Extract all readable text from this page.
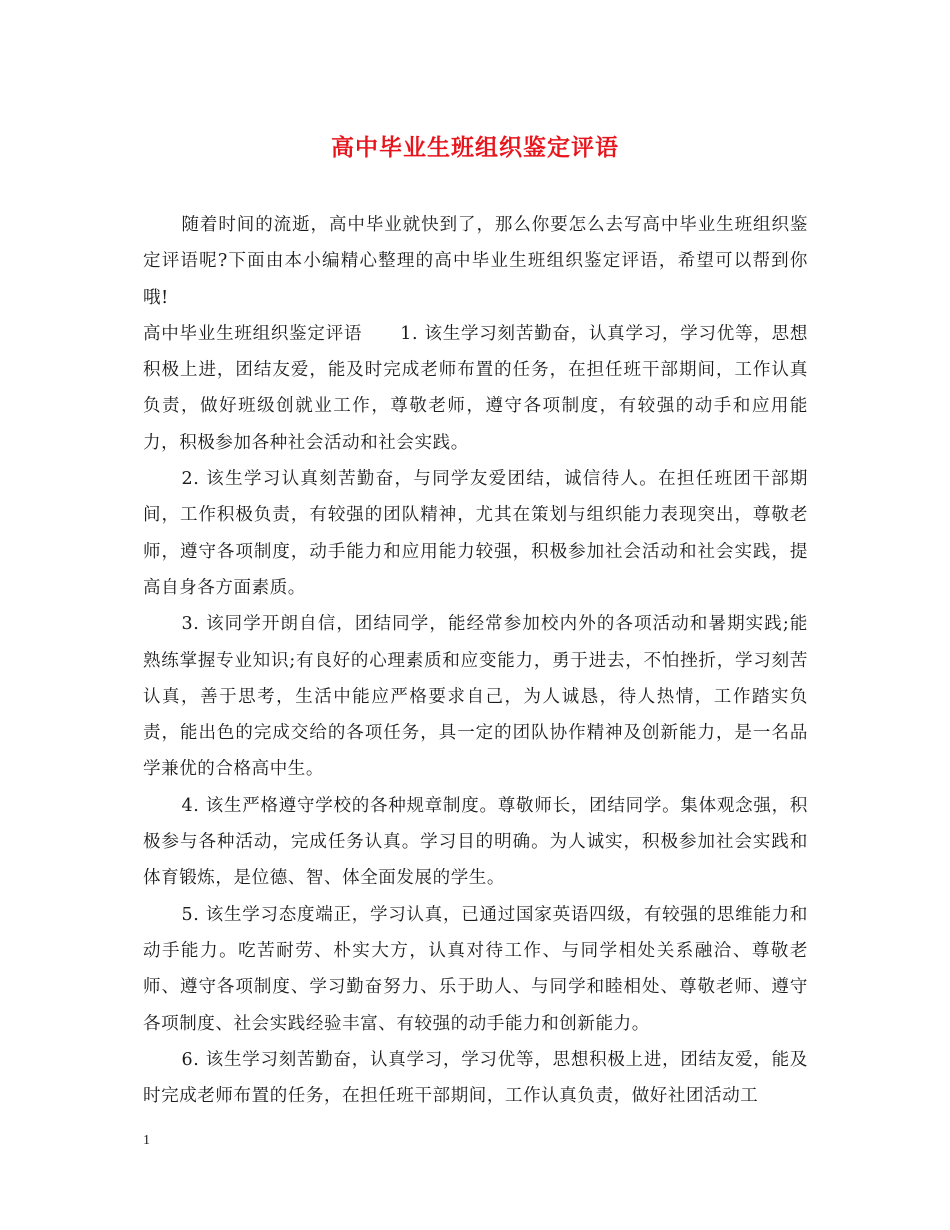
高中毕业生班组织鉴定评语

随着时间的流逝，高中毕业就快到了，那么你要怎么去写高中毕业生班组织鉴定评语呢?下面由本小编精心整理的高中毕业生班组织鉴定评语，希望可以帮到你哦!

高中毕业生班组织鉴定评语 1. 该生学习刻苦勤奋，认真学习，学习优等，思想积极上进，团结友爱，能及时完成老师布置的任务，在担任班干部期间，工作认真负责，做好班级创就业工作，尊敬老师，遵守各项制度，有较强的动手和应用能力，积极参加各种社会活动和社会实践。

2. 该生学习认真刻苦勤奋，与同学友爱团结，诚信待人。在担任班团干部期间，工作积极负责，有较强的团队精神，尤其在策划与组织能力表现突出，尊敬老师，遵守各项制度，动手能力和应用能力较强，积极参加社会活动和社会实践，提高自身各方面素质。

3. 该同学开朗自信，团结同学，能经常参加校内外的各项活动和暑期实践;能熟练掌握专业知识;有良好的心理素质和应变能力，勇于进去，不怕挫折，学习刻苦认真，善于思考，生活中能应严格要求自己，为人诚恳，待人热情，工作踏实负责，能出色的完成交给的各项任务，具一定的团队协作精神及创新能力，是一名品学兼优的合格高中生。

4. 该生严格遵守学校的各种规章制度。尊敬师长，团结同学。集体观念强，积极参与各种活动，完成任务认真。学习目的明确。为人诚实，积极参加社会实践和体育锻炼，是位德、智、体全面发展的学生。

5. 该生学习态度端正，学习认真，已通过国家英语四级，有较强的思维能力和动手能力。吃苦耐劳、朴实大方，认真对待工作、与同学相处关系融洽、尊敬老师、遵守各项制度、学习勤奋努力、乐于助人、与同学和睦相处、尊敬老师、遵守各项制度、社会实践经验丰富、有较强的动手能力和创新能力。

6. 该生学习刻苦勤奋，认真学习，学习优等，思想积极上进，团结友爱，能及时完成老师布置的任务，在担任班干部期间，工作认真负责，做好社团活动工

1
